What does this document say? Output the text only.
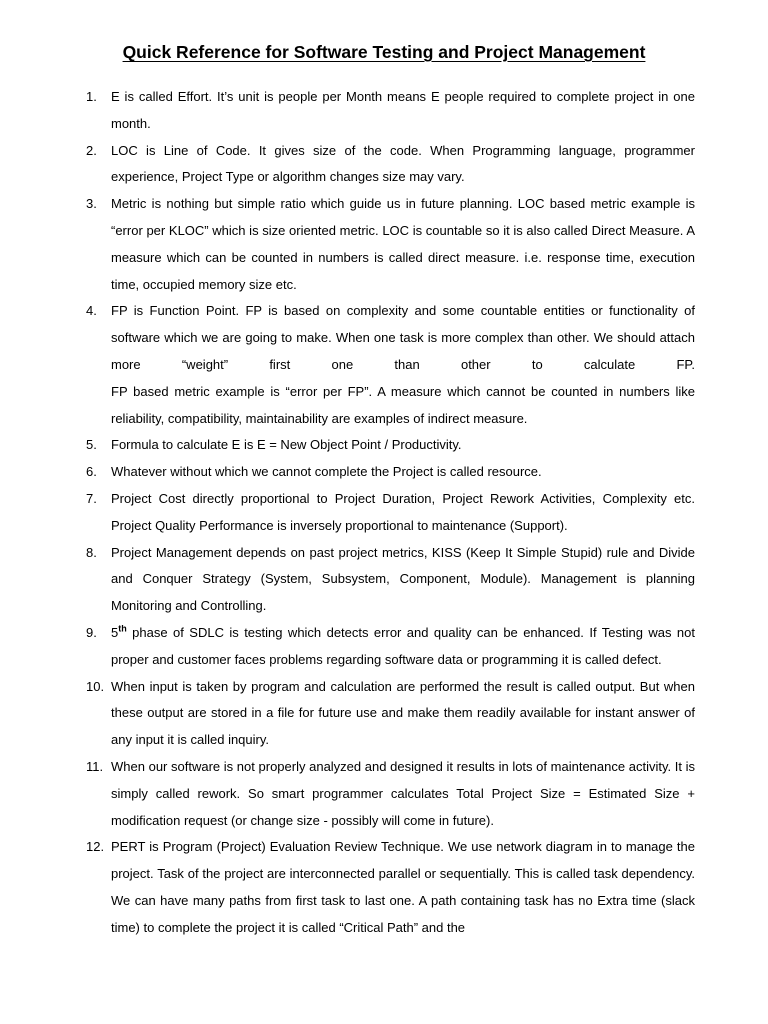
Quick Reference for Software Testing and Project Management
1.	E is called Effort. It’s unit is people per Month means E people required to complete project in one month.
2.	LOC is Line of Code. It gives size of the code. When Programming language, programmer experience, Project Type or algorithm changes size may vary.
3.	Metric is nothing but simple ratio which guide us in future planning. LOC based metric example is “error per KLOC” which is size oriented metric. LOC is countable so it is also called Direct Measure. A measure which can be counted in numbers is called direct measure. i.e. response time, execution time, occupied memory size etc.
4.	FP is Function Point. FP is based on complexity and some countable entities or functionality of software which we are going to make. When one task is more complex than other. We should attach more “weight” first one than other to calculate FP.
FP based metric example is “error per FP”. A measure which cannot be counted in numbers like reliability, compatibility, maintainability are examples of indirect measure.
5.	Formula to calculate E is E = New Object Point / Productivity.
6.	Whatever without which we cannot complete the Project is called resource.
7.	Project Cost directly proportional to Project Duration, Project Rework Activities, Complexity etc. Project Quality Performance is inversely proportional to maintenance (Support).
8.	Project Management depends on past project metrics, KISS (Keep It Simple Stupid) rule and Divide and Conquer Strategy (System, Subsystem, Component, Module). Management is planning Monitoring and Controlling.
9.	5th phase of SDLC is testing which detects error and quality can be enhanced. If Testing was not proper and customer faces problems regarding software data or programming it is called defect.
10. When input is taken by program and calculation are performed the result is called output. But when these output are stored in a file for future use and make them readily available for instant answer of any input it is called inquiry.
11. When our software is not properly analyzed and designed it results in lots of maintenance activity. It is simply called rework. So smart programmer calculates Total Project Size = Estimated Size + modification request (or change size - possibly will come in future).
12. PERT is Program (Project) Evaluation Review Technique. We use network diagram in to manage the project. Task of the project are interconnected parallel or sequentially. This is called task dependency. We can have many paths from first task to last one. A path containing task has no Extra time (slack time) to complete the project it is called “Critical Path” and the
